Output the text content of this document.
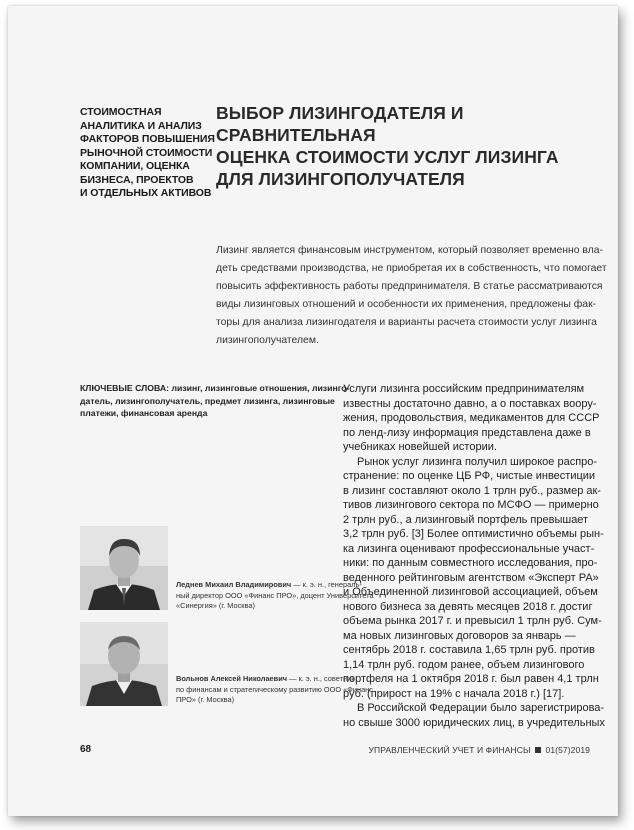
СТОИМОСТНАЯ
АНАЛИТИКА И АНАЛИЗ
ФАКТОРОВ ПОВЫШЕНИЯ
РЫНОЧНОЙ СТОИМОСТИ
КОМПАНИИ, ОЦЕНКА
БИЗНЕСА, ПРОЕКТОВ
И ОТДЕЛЬНЫХ АКТИВОВ
ВЫБОР ЛИЗИНГОДАТЕЛЯ И СРАВНИТЕЛЬНАЯ
ОЦЕНКА СТОИМОСТИ УСЛУГ ЛИЗИНГА
ДЛЯ ЛИЗИНГОПОЛУЧАТЕЛЯ
Лизинг является финансовым инструментом, который позволяет временно вла-
деть средствами производства, не приобретая их в собственность, что помогает
повысить эффективность работы предпринимателя. В статье рассматриваются
виды лизинговых отношений и особенности их применения, предложены фак-
торы для анализа лизингодателя и варианты расчета стоимости услуг лизинга
лизингополучателем.
КЛЮЧЕВЫЕ СЛОВА: лизинг, лизинговые отношения, лизинго-
датель, лизингополучатель, предмет лизинга, лизинговые
платежи, финансовая аренда
Услуги лизинга российским предпринимателям
известны достаточно давно, а о поставках воору-
жения, продовольствия, медикаментов для СССР
по ленд-лизу информация представлена даже в
учебниках новейшей истории.
Рынок услуг лизинга получил широкое распро-
странение: по оценке ЦБ РФ, чистые инвестиции
в лизинг составляют около 1 трлн руб., размер ак-
тивов лизингового сектора по МСФО — примерно
2 трлн руб., а лизинговый портфель превышает
3,2 трлн руб. [3] Более оптимистично объемы рын-
ка лизинга оценивают профессиональные участ-
ники: по данным совместного исследования, про-
веденного рейтинговым агентством «Эксперт РА»
и Объединенной лизинговой ассоциацией, объем
нового бизнеса за девять месяцев 2018 г. достиг
объема рынка 2017 г. и превысил 1 трлн руб. Сум-
ма новых лизинговых договоров за январь —
сентябрь 2018 г. составила 1,65 трлн руб. против
1,14 трлн руб. годом ранее, объем лизингового
портфеля на 1 октября 2018 г. был равен 4,1 трлн
руб. (прирост на 19% с начала 2018 г.) [17].
В Российской Федерации было зарегистрирова-
но свыше 3000 юридических лиц, в учредительных
Леднев Михаил Владимирович — к. э. н., генераль-
ный директор ООО «Финанс ПРО», доцент Университета
«Синергия» (г. Москва)
Вольнов Алексей Николаевич — к. э. н., советник
по финансам и стратегическому развитию ООО «Финанс
ПРО» (г. Москва)
68	УПРАВЛЕНЧЕСКИЙ УЧЕТ И ФИНАНСЫ 01(57)2019
